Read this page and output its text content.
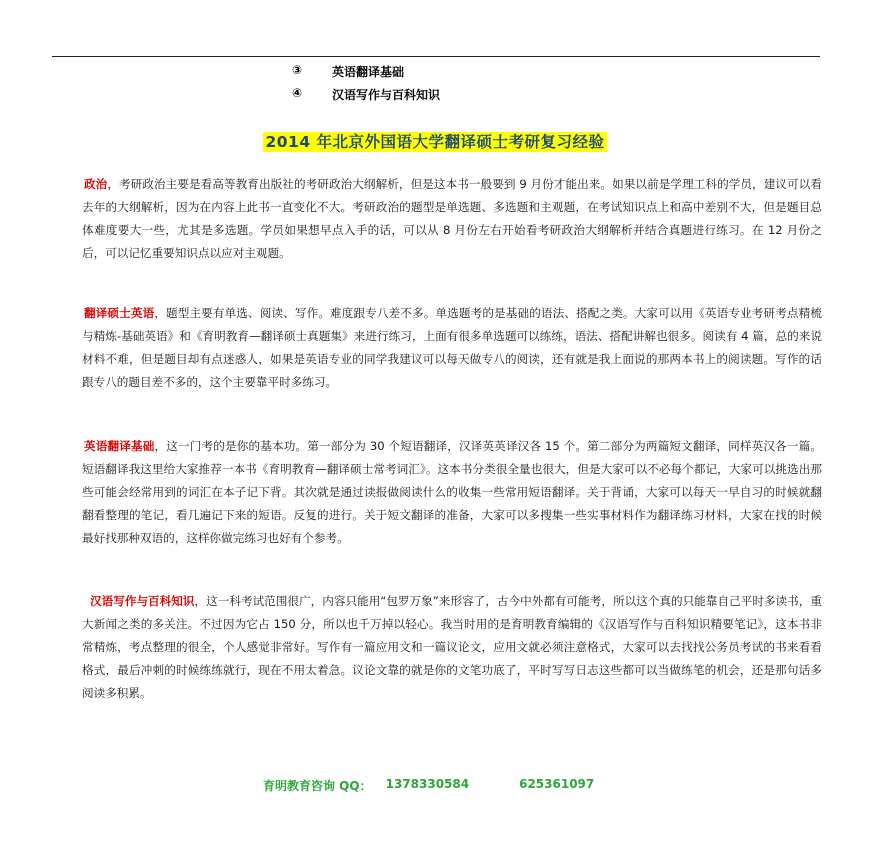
③	英语翻译基础
④	汉语写作与百科知识
2014 年北京外国语大学翻译硕士考研复习经验

政治，考研政治主要是看高等教育出版社的考研政治大纲解析，但是这本书一般要到 9 月份才能出来。如果以前是学理工科的学员，建议可以看去年的大纲解析，因为在内容上此书一直变化不大。考研政治的题型是单选题、多选题和主观题，在考试知识点上和高中差别不大，但是题目总体难度要大一些，尤其是多选题。学员如果想早点入手的话，可以从 8 月份左右开始看考研政治大纲解析并结合真题进行练习。在 12 月份之后，可以记忆重要知识点以应对主观题。

翻译硕士英语，题型主要有单选、阅读、写作。难度跟专八差不多。单选题考的是基础的语法、搭配之类。大家可以用《英语专业考研考点精梳与精炼-基础英语》和《育明教育—翻译硕士真题集》来进行练习，上面有很多单选题可以练练，语法、搭配讲解也很多。阅读有 4 篇，总的来说材料不难，但是题目却有点迷惑人，如果是英语专业的同学我建议可以每天做专八的阅读，还有就是我上面说的那两本书上的阅读题。写作的话跟专八的题目差不多的，这个主要靠平时多练习。

英语翻译基础，这一门考的是你的基本功。第一部分为 30 个短语翻译，汉译英英译汉各 15 个。第二部分为两篇短文翻译，同样英汉各一篇。短语翻译我这里给大家推荐一本书《育明教育—翻译硕士常考词汇》。这本书分类很全量也很大，但是大家可以不必每个都记，大家可以挑选出那些可能会经常用到的词汇在本子记下背。其次就是通过读报做阅读什么的收集一些常用短语翻译。关于背诵，大家可以每天一早自习的时候就翻翻看整理的笔记，看几遍记下来的短语。反复的进行。关于短文翻译的准备，大家可以多搜集一些实事材料作为翻译练习材料，大家在找的时候最好找那种双语的，这样你做完练习也好有个参考。

汉语写作与百科知识，这一科考试范围很广，内容只能用“包罗万象”来形容了，古今中外都有可能考，所以这个真的只能靠自己平时多读书，重大新闻之类的多关注。不过因为它占 150 分，所以也千万掉以轻心。我当时用的是育明教育编辑的《汉语写作与百科知识精要笔记》，这本书非常精炼，考点整理的很全，个人感觉非常好。写作有一篇应用文和一篇议论文，应用文就必须注意格式，大家可以去找找公务员考试的书来看看格式，最后冲刺的时候练练就行，现在不用太着急。议论文靠的就是你的文笔功底了，平时写写日志这些都可以当做练笔的机会，还是那句话多阅读多积累。

育明教育咨询 QQ： 1378330584	625361097
